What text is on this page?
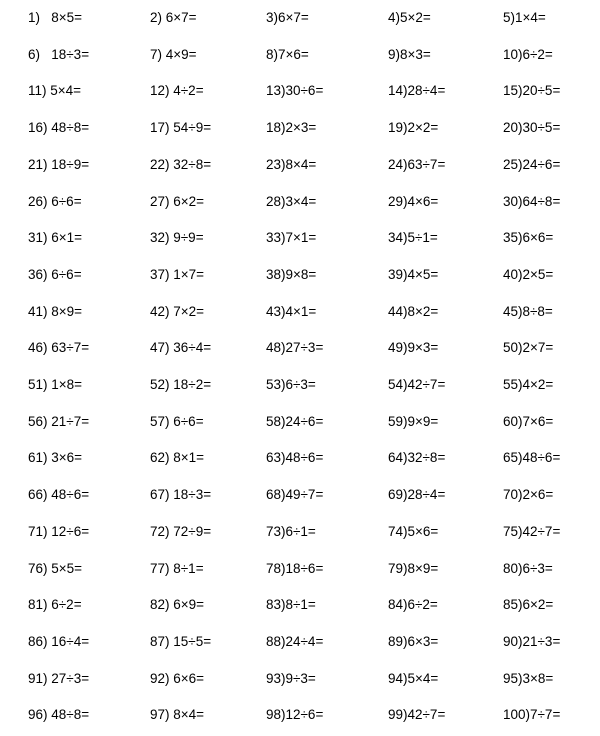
1)   8×5=	2) 6×7=	3)6×7=	4)5×2=	5)1×4=
6)   18÷3=	7) 4×9=	8)7×6=	9)8×3=	10)6÷2=
11) 5×4=	12) 4÷2=	13)30÷6=	14)28÷4=	15)20÷5=
16) 48÷8=	17) 54÷9=	18)2×3=	19)2×2=	20)30÷5=
21) 18÷9=	22) 32÷8=	23)8×4=	24)63÷7=	25)24÷6=
26) 6÷6=	27) 6×2=	28)3×4=	29)4×6=	30)64÷8=
31) 6×1=	32) 9÷9=	33)7×1=	34)5÷1=	35)6×6=
36) 6÷6=	37) 1×7=	38)9×8=	39)4×5=	40)2×5=
41) 8×9=	42) 7×2=	43)4×1=	44)8×2=	45)8÷8=
46) 63÷7=	47) 36÷4=	48)27÷3=	49)9×3=	50)2×7=
51) 1×8=	52) 18÷2=	53)6÷3=	54)42÷7=	55)4×2=
56) 21÷7=	57) 6÷6=	58)24÷6=	59)9×9=	60)7×6=
61) 3×6=	62) 8×1=	63)48÷6=	64)32÷8=	65)48÷6=
66) 48÷6=	67) 18÷3=	68)49÷7=	69)28÷4=	70)2×6=
71) 12÷6=	72) 72÷9=	73)6÷1=	74)5×6=	75)42÷7=
76) 5×5=	77) 8÷1=	78)18÷6=	79)8×9=	80)6÷3=
81) 6÷2=	82) 6×9=	83)8÷1=	84)6÷2=	85)6×2=
86) 16÷4=	87) 15÷5=	88)24÷4=	89)6×3=	90)21÷3=
91) 27÷3=	92) 6×6=	93)9÷3=	94)5×4=	95)3×8=
96) 48÷8=	97) 8×4=	98)12÷6=	99)42÷7=	100)7÷7=
